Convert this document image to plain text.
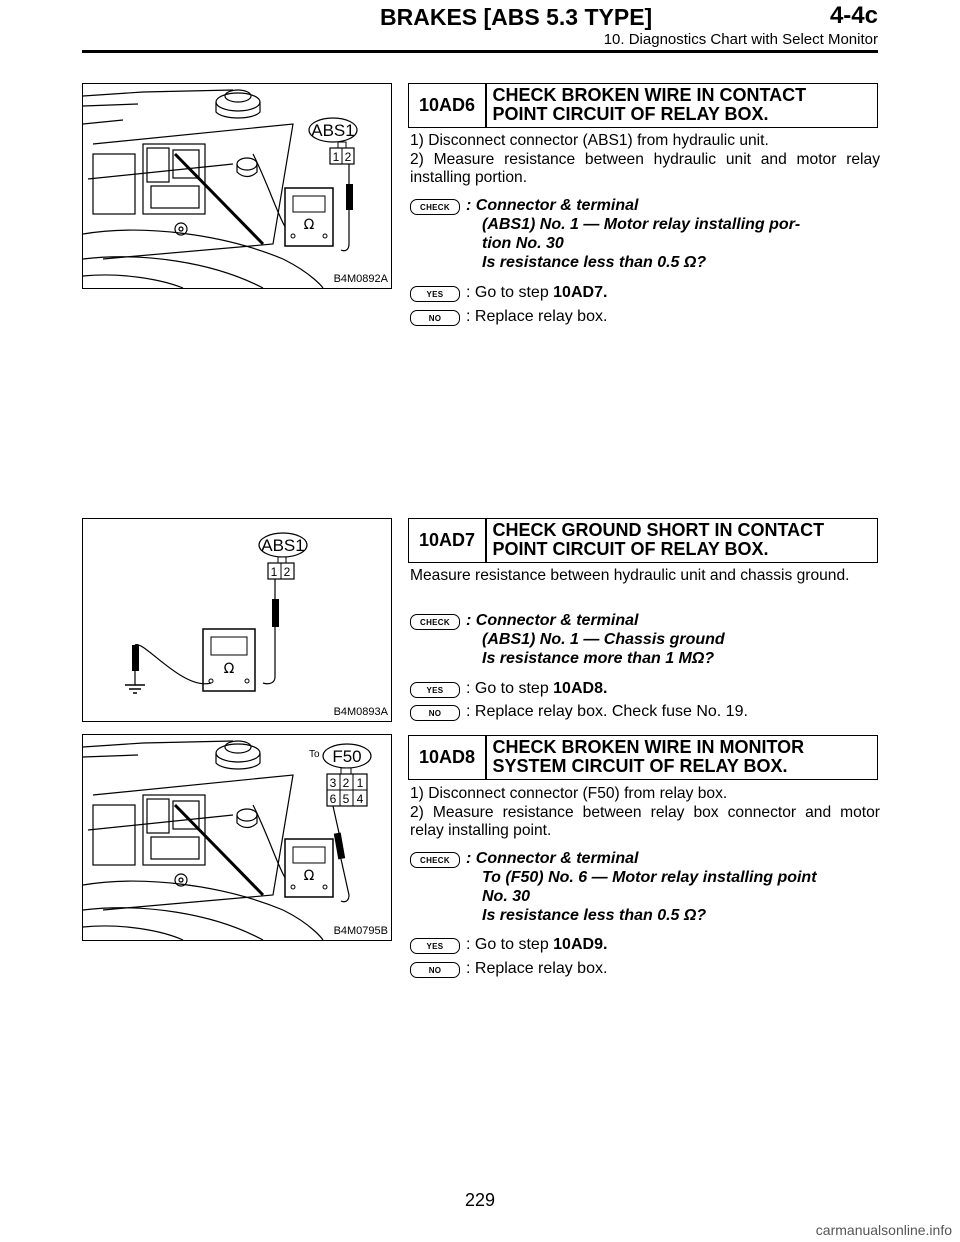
BRAKES [ABS 5.3 TYPE]	4-4c
10. Diagnostics Chart with Select Monitor
ABS1
1 2
Ω
B4M0892A
10AD6 CHECK BROKEN WIRE IN CONTACT
POINT CIRCUIT OF RELAY BOX.

1) Disconnect connector (ABS1) from hydraulic unit.

2) Measure resistance between hydraulic unit and motor relay installing portion.

CHECK	: Connector & terminal
(ABS1) No. 1 — Motor relay installing por-
tion No. 30
Is resistance less than 0.5 Ω?
YES	: Go to step 10AD7.
NO	: Replace relay box.
ABS1
1 2
Ω
B4M0893A
10AD7 CHECK GROUND SHORT IN CONTACT
POINT CIRCUIT OF RELAY BOX.

Measure resistance between hydraulic unit and chassis ground.

CHECK	: Connector & terminal
(ABS1) No. 1 — Chassis ground
Is resistance more than 1 MΩ?
YES	: Go to step 10AD8.
NO	: Replace relay box. Check fuse No. 19.
To F50
3 2 1
6 5 4
Ω
B4M0795B
10AD8 CHECK BROKEN WIRE IN MONITOR
SYSTEM CIRCUIT OF RELAY BOX.

1) Disconnect connector (F50) from relay box.

2) Measure resistance between relay box connector and motor relay installing point.

CHECK	: Connector & terminal
To (F50) No. 6 — Motor relay installing point
No. 30
Is resistance less than 0.5 Ω?
YES	: Go to step 10AD9.
NO	: Replace relay box.
229
carmanualsonline.info
